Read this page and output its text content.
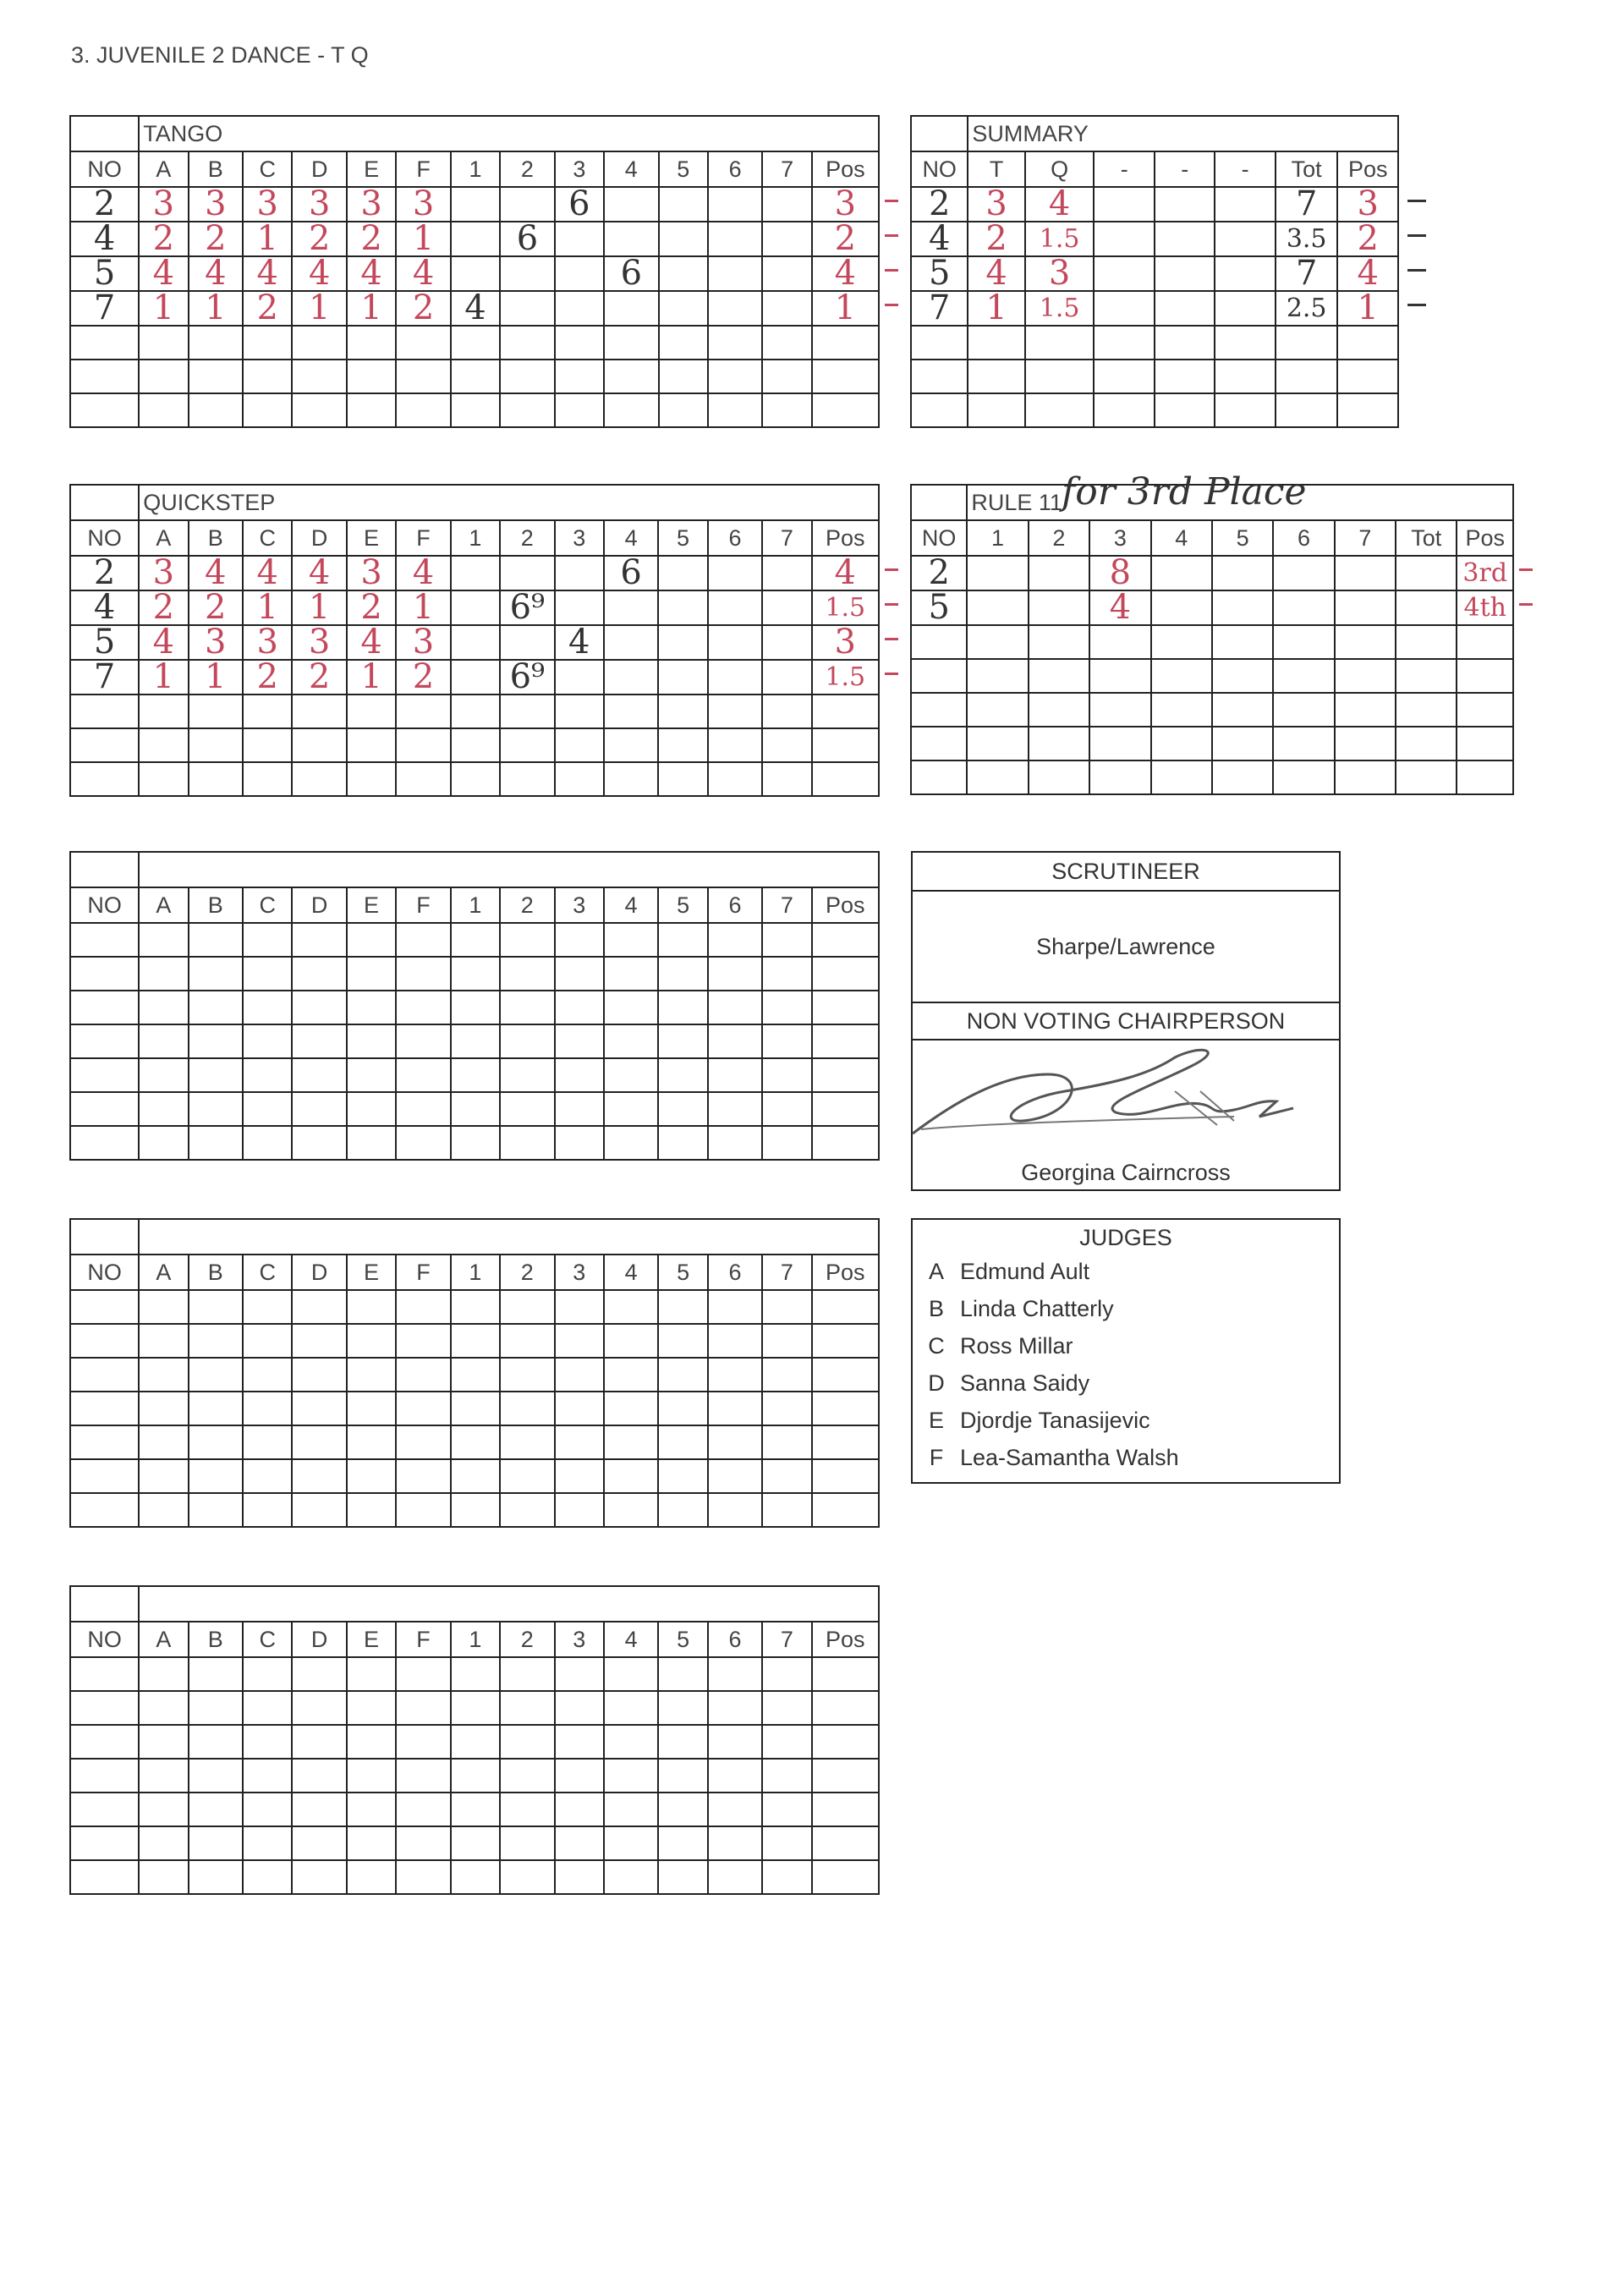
3. JUVENILE 2 DANCE - T Q
	TANGO													
NO	A	B	C	D	E	F	1	2	3	4	5	6	7	Pos
2	3	3	3	3	3	3			6					3

4	2	2	1	2	2	1		6						2

5	4	4	4	4	4	4				6				4

7	1	1	2	1	1	2	4							1

	QUICKSTEP													
NO	A	B	C	D	E	F	1	2	3	4	5	6	7	Pos
2	3	4	4	4	3	4				6				4

4	2	2	1	1	2	1		6⁹						1.5

5	4	3	3	3	4	3			4					3

7	1	1	2	2	1	2		6⁹						1.5

NO	A	B	C	D	E	F	1	2	3	4	5	6	7	Pos

NO	A	B	C	D	E	F	1	2	3	4	5	6	7	Pos

NO	A	B	C	D	E	F	1	2	3	4	5	6	7	Pos

	SUMMARY						
NO	T	Q	-	-	-	Tot	Pos
2	3	4				7	3

4	2	1.5				3.5	2

5	4	3				7	4

7	1	1.5				2.5	1

	RULE 11								
NO	1	2	3	4	5	6	7	Tot	Pos
2			8						3rd

5			4						4th

for 3rd Place
SCRUTINEER
Sharpe/Lawrence
NON VOTING CHAIRPERSON
Georgina Cairncross
JUDGES
A Edmund Ault
B Linda Chatterly
C Ross Millar
D Sanna Saidy
E Djordje Tanasijevic
F Lea-Samantha Walsh
